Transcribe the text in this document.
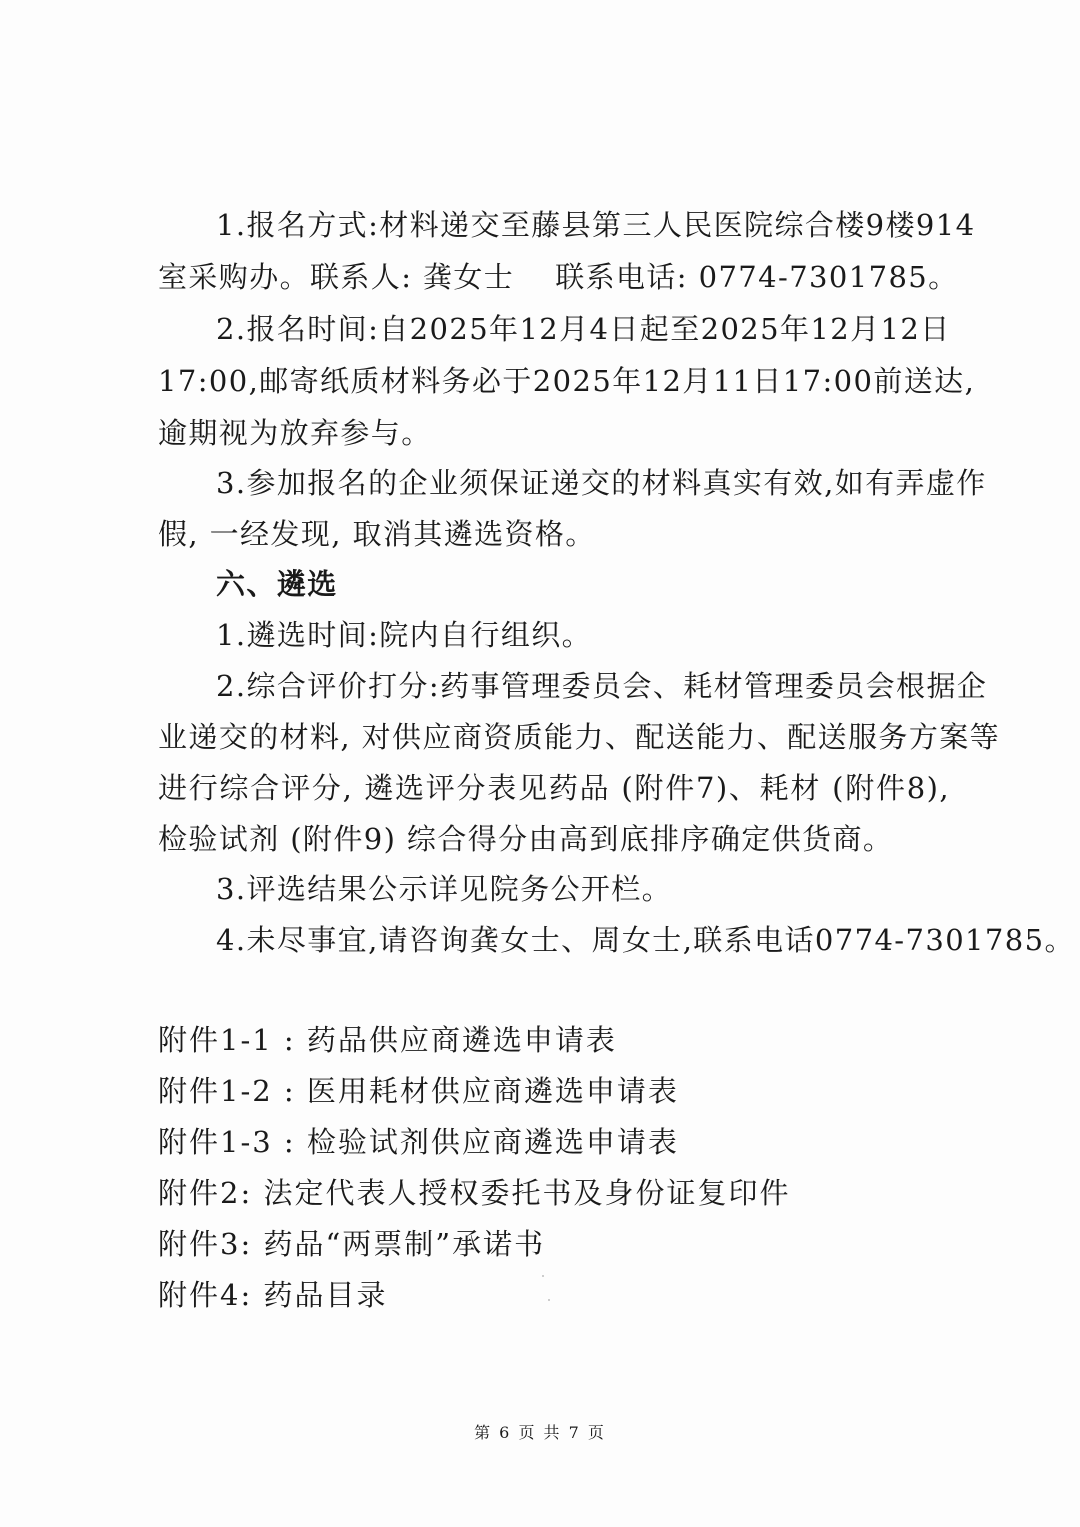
1.报名方式:材料递交至藤县第三人民医院综合楼9楼914
室采购办。联系人: 龚女士　 联系电话: 0774-7301785。
2.报名时间:自2025年12月4日起至2025年12月12日
17:00,邮寄纸质材料务必于2025年12月11日17:00前送达,
逾期视为放弃参与。
3.参加报名的企业须保证递交的材料真实有效,如有弄虚作
假, 一经发现, 取消其遴选资格。
六、遴选
1.遴选时间:院内自行组织。
2.综合评价打分:药事管理委员会、耗材管理委员会根据企
业递交的材料, 对供应商资质能力、配送能力、配送服务方案等
进行综合评分, 遴选评分表见药品 (附件7)、耗材 (附件8),
检验试剂 (附件9) 综合得分由高到底排序确定供货商。
3.评选结果公示详见院务公开栏。
4.未尽事宜,请咨询龚女士、周女士,联系电话0774-7301785。
附件1-1 : 药品供应商遴选申请表
附件1-2 : 医用耗材供应商遴选申请表
附件1-3 : 检验试剂供应商遴选申请表
附件2: 法定代表人授权委托书及身份证复印件
附件3: 药品“两票制”承诺书
附件4: 药品目录
第 6 页 共 7 页
